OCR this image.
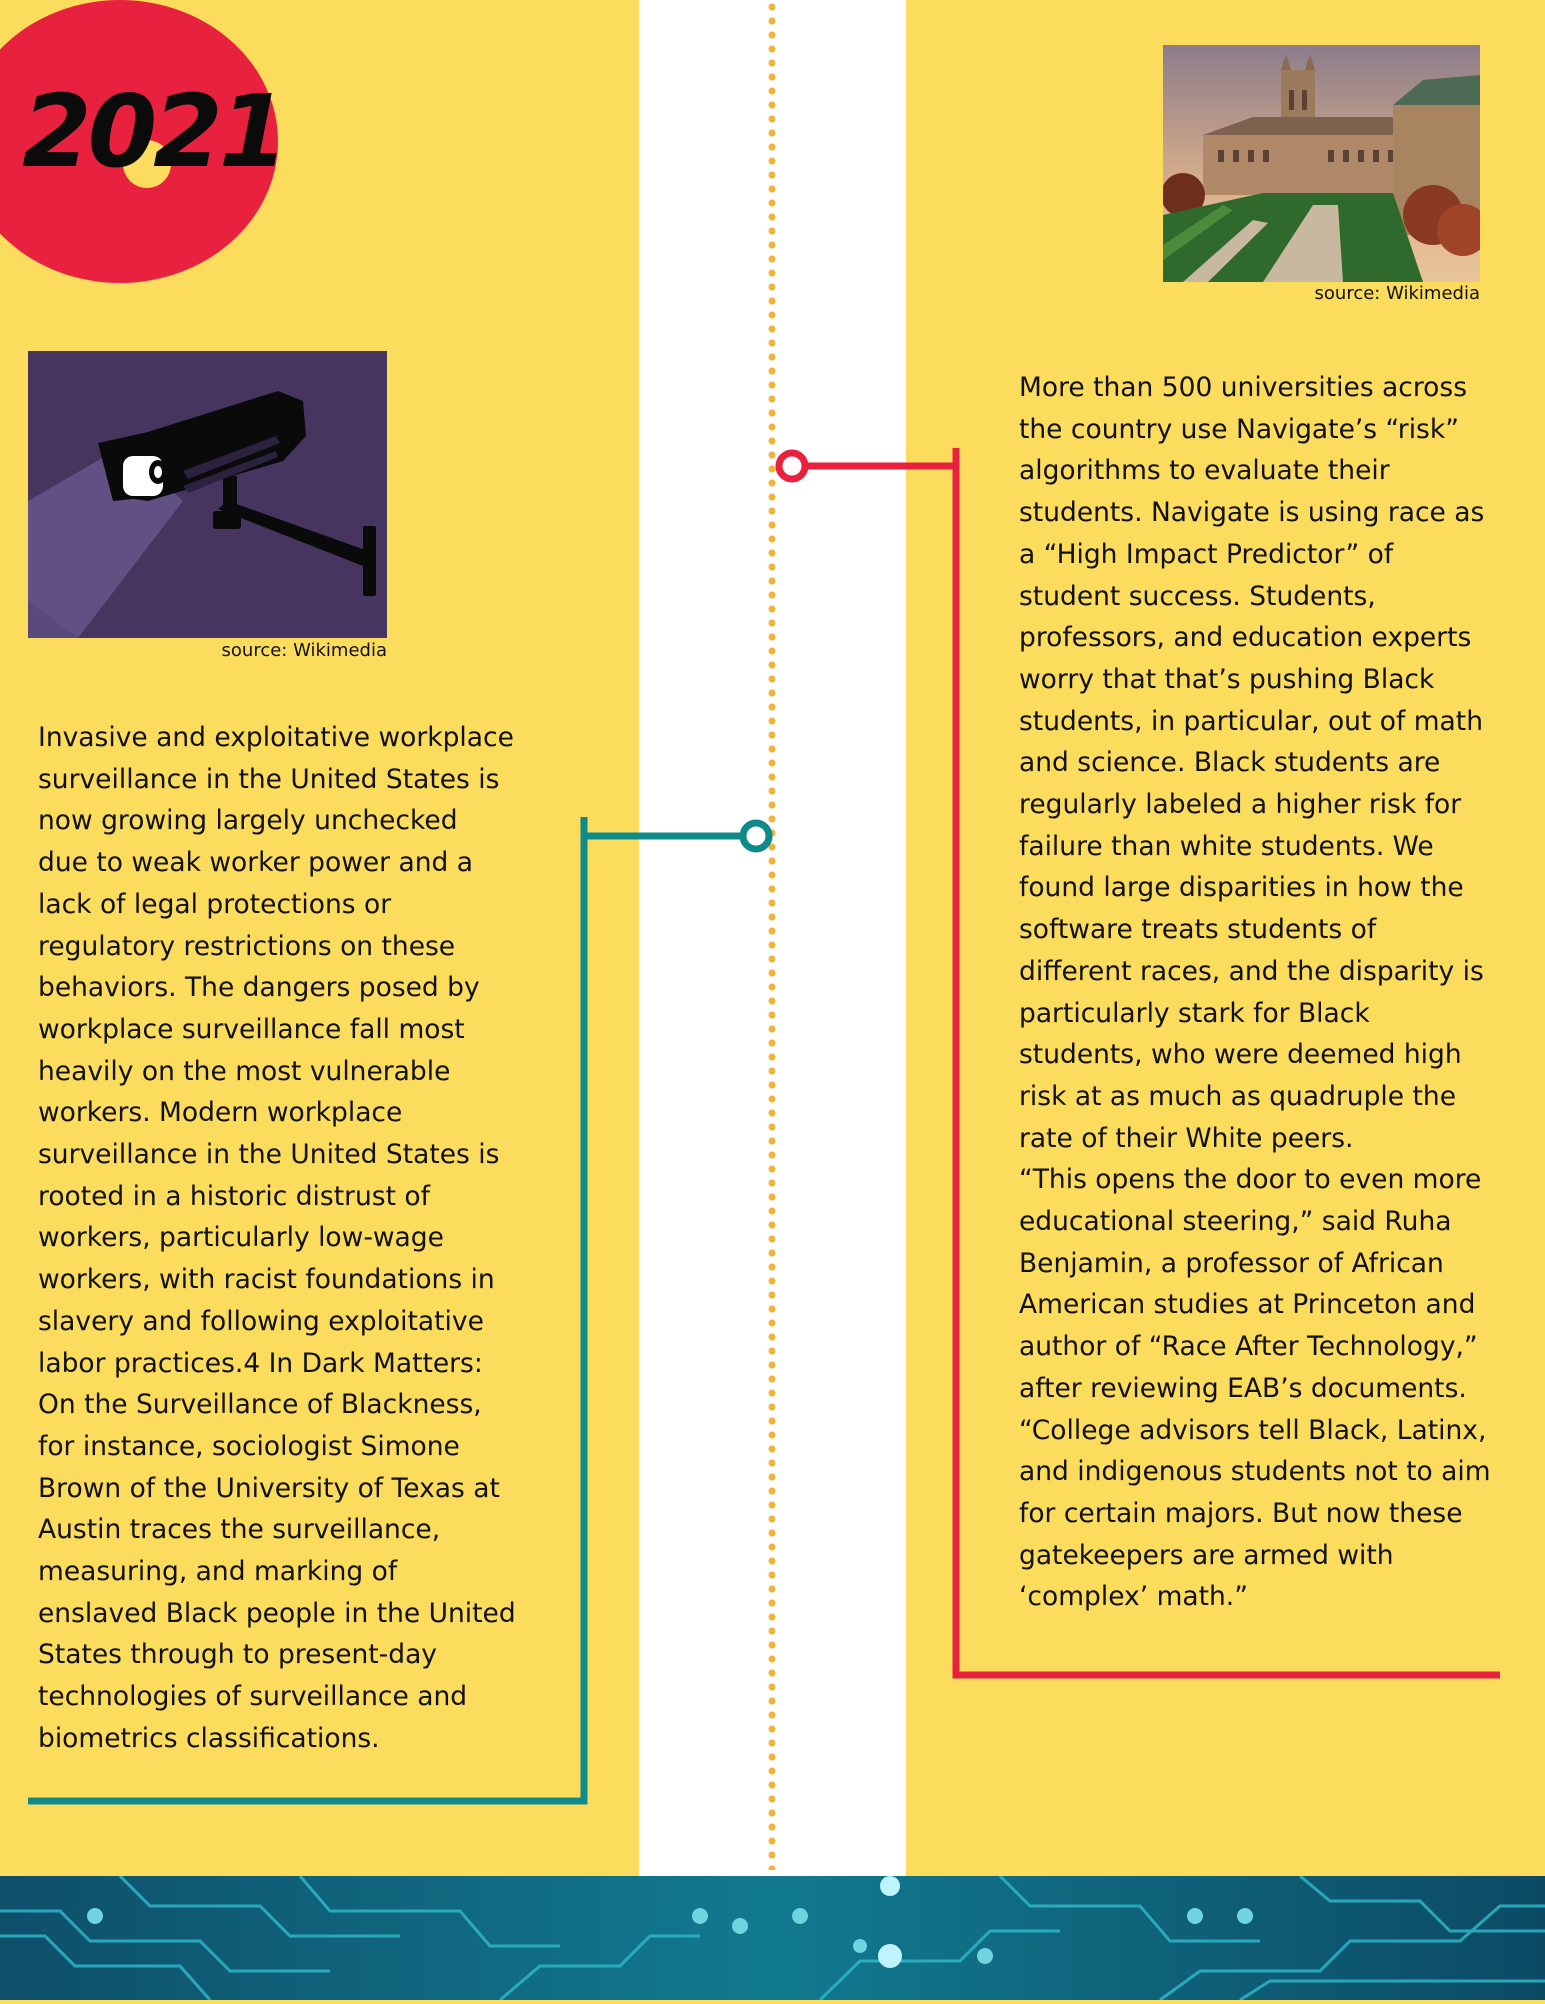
2021
source: Wikimedia
source: Wikimedia

Invasive and exploitative workplace
surveillance in the United States is
now growing largely unchecked
due to weak worker power and a
lack of legal protections or
regulatory restrictions on these
behaviors. The dangers posed by
workplace surveillance fall most
heavily on the most vulnerable
workers. Modern workplace
surveillance in the United States is
rooted in a historic distrust of
workers, particularly low-wage
workers, with racist foundations in
slavery and following exploitative
labor practices.4 In Dark Matters:
On the Surveillance of Blackness,
for instance, sociologist Simone
Brown of the University of Texas at
Austin traces the surveillance,
measuring, and marking of
enslaved Black people in the United
States through to present-day
technologies of surveillance and
biometrics classifications.

More than 500 universities across
the country use Navigate’s “risk”
algorithms to evaluate their
students. Navigate is using race as
a “High Impact Predictor” of
student success. Students,
professors, and education experts
worry that that’s pushing Black
students, in particular, out of math
and science. Black students are
regularly labeled a higher risk for
failure than white students. We
found large disparities in how the
software treats students of
different races, and the disparity is
particularly stark for Black
students, who were deemed high
risk at as much as quadruple the
rate of their White peers.
“This opens the door to even more
educational steering,” said Ruha
Benjamin, a professor of African
American studies at Princeton and
author of “Race After Technology,”
after reviewing EAB’s documents.
“College advisors tell Black, Latinx,
and indigenous students not to aim
for certain majors. But now these
gatekeepers are armed with
‘complex’ math.”
